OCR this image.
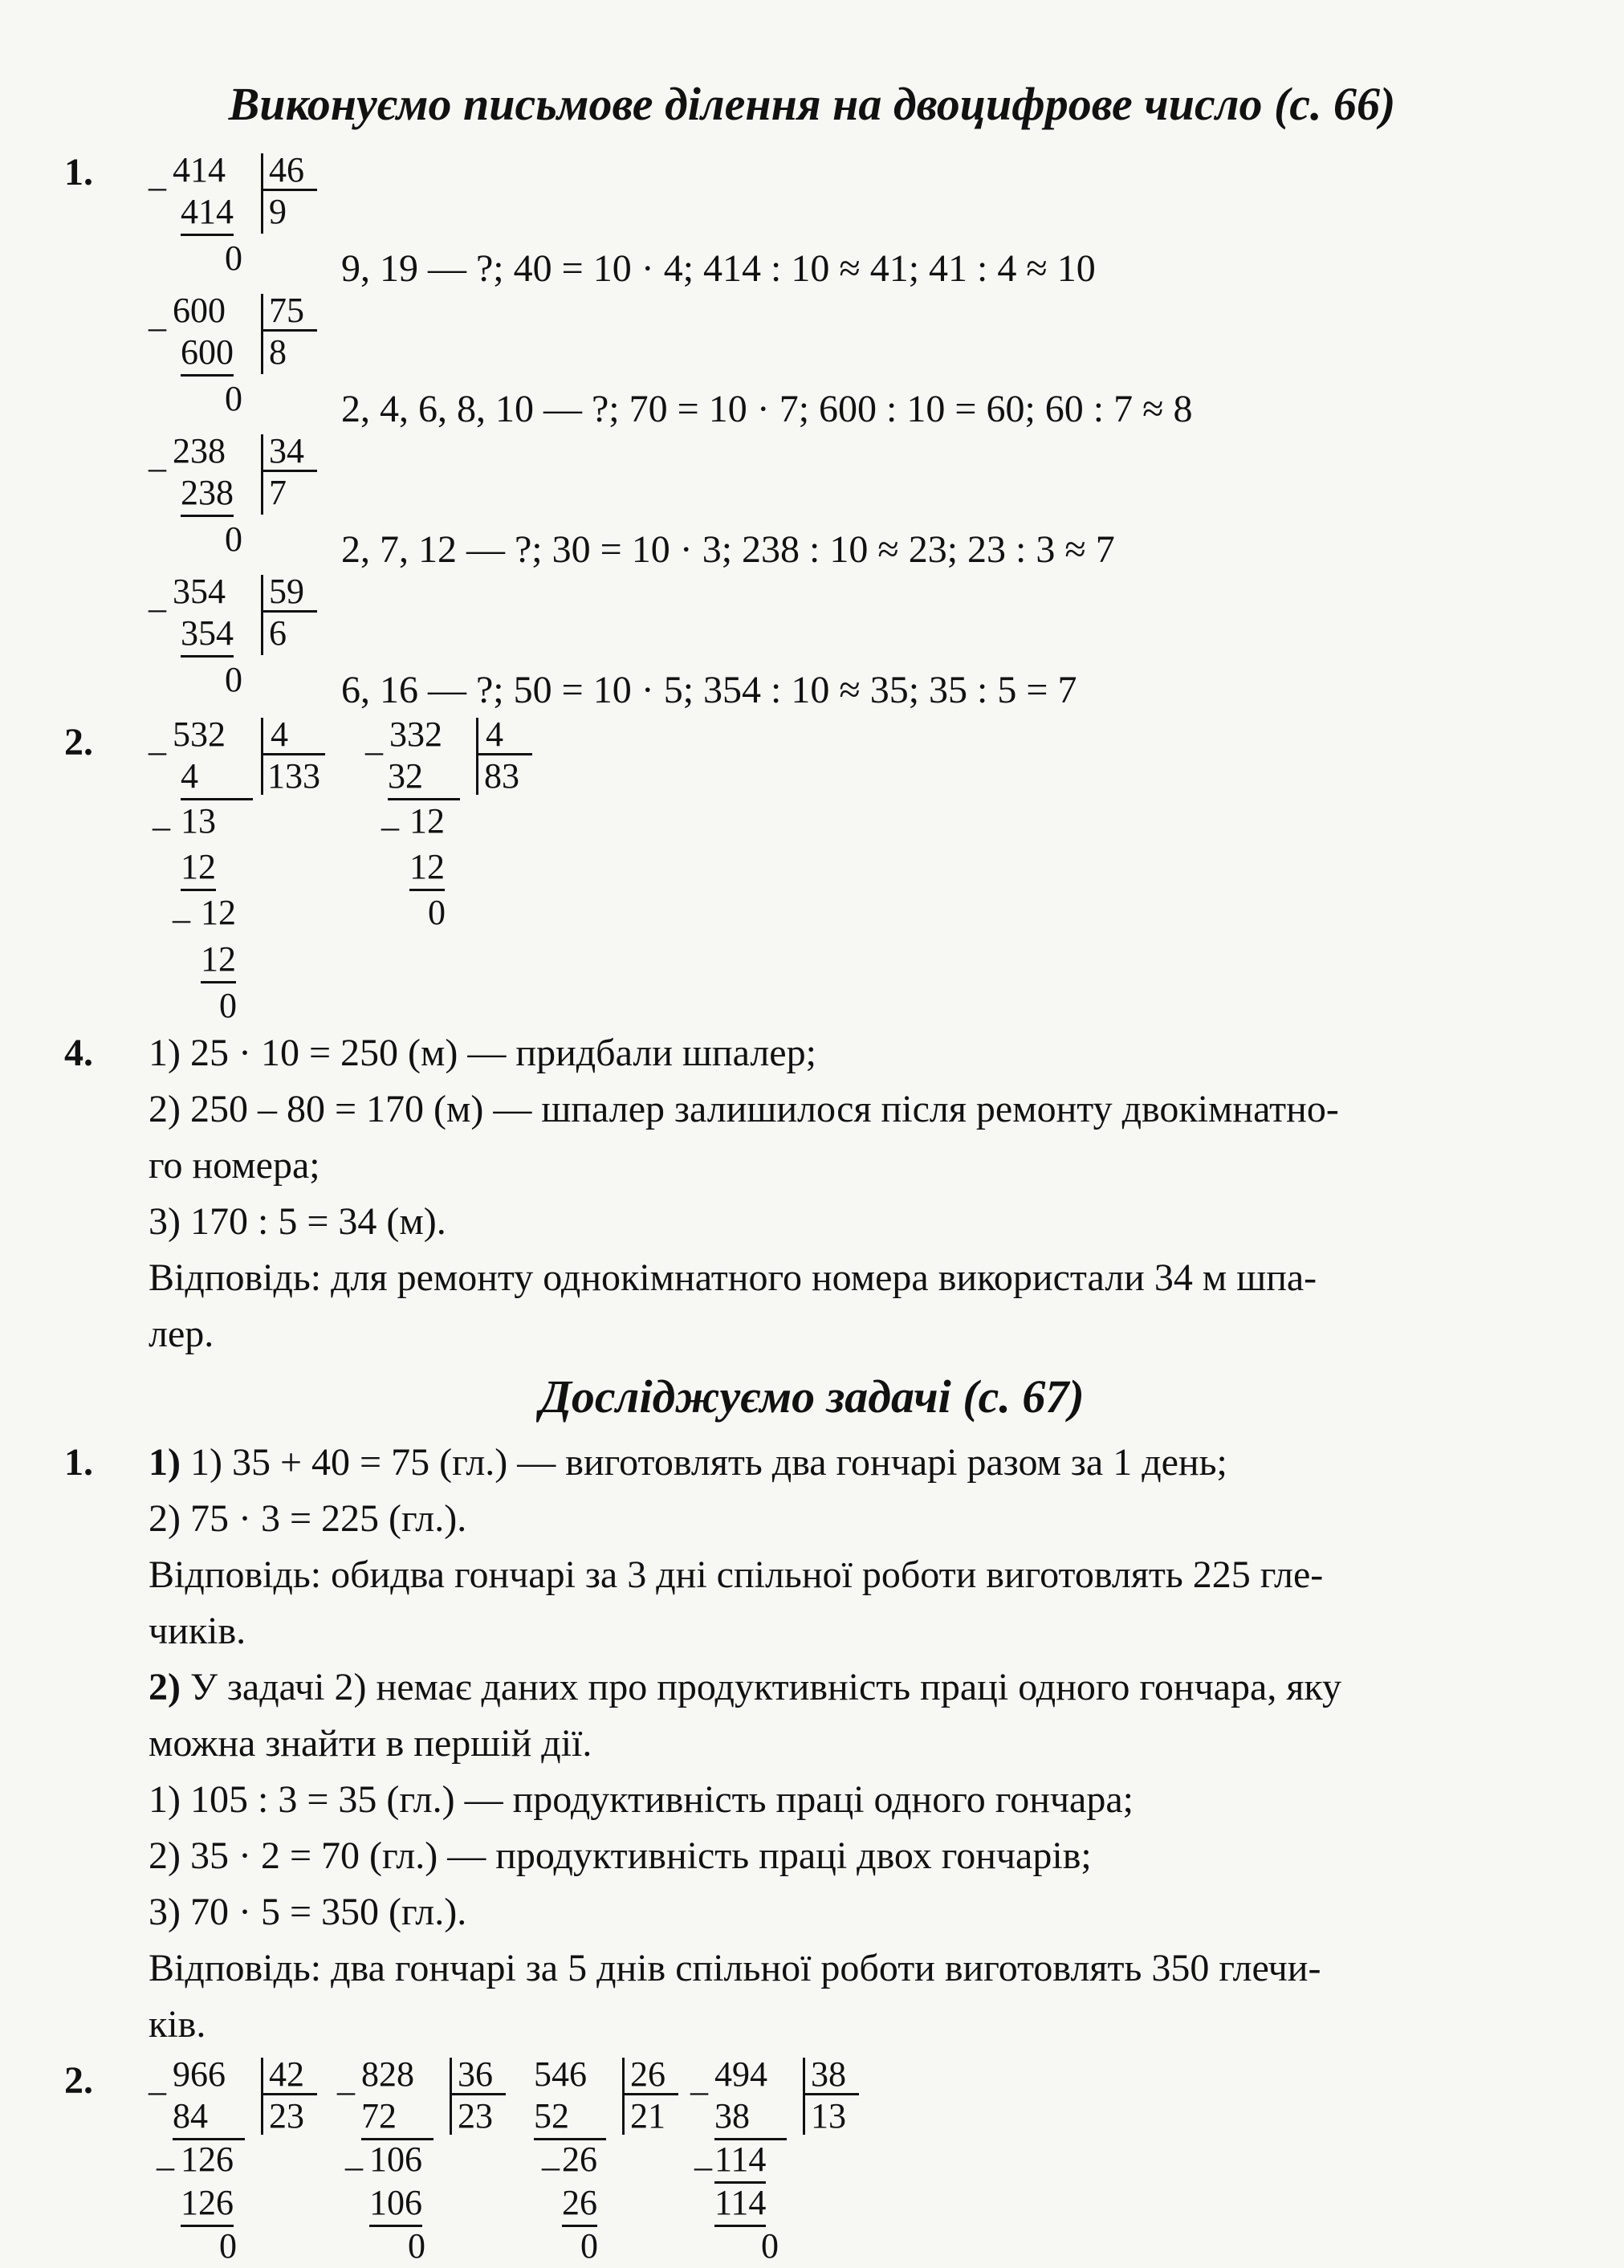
Виконуємо письмове ділення на двоцифрове число (с. 66)
1. _ 414 46
414 9
0	9, 19 — ?; 40 = 10 · 4; 414 : 10 ≈ 41; 41 : 4 ≈ 10
_ 600 75
600 8
0	2, 4, 6, 8, 10 — ?; 70 = 10 · 7; 600 : 10 = 60; 60 : 7 ≈ 8
_ 238 34
238 7
0	2, 7, 12 — ?; 30 = 10 · 3; 238 : 10 ≈ 23; 23 : 3 ≈ 7
_ 354 59
354 6
0	6, 16 — ?; 50 = 10 · 5; 354 : 10 ≈ 35; 35 : 5 = 7
2. _ 532 4
133
4
_ 13
12
_ 12
12
0
_ 332 4
83
32
_ 12
12
0
4. 1) 25 · 10 = 250 (м) — придбали шпалер;
2) 250 – 80 = 170 (м) — шпалер залишилося після ремонту двокімнатно-
го номера;
3) 170 : 5 = 34 (м).
Відповідь: для ремонту однокімнатного номера використали 34 м шпа-
лер.
Досліджуємо задачі (с. 67)
1. 1) 1) 35 + 40 = 75 (гл.) — виготовлять два гончарі разом за 1 день;
2) 75 · 3 = 225 (гл.).
Відповідь: обидва гончарі за 3 дні спільної роботи виготовлять 225 гле-
чиків.
2) У задачі 2) немає даних про продуктивність праці одного гончара, яку
можна знайти в першій дії.
1) 105 : 3 = 35 (гл.) — продуктивність праці одного гончара;
2) 35 · 2 = 70 (гл.) — продуктивність праці двох гончарів;
3) 70 · 5 = 350 (гл.).
Відповідь: два гончарі за 5 днів спільної роботи виготовлять 350 глечи-
ків.
2. _ 966 42
23
84
_ 126
126
0
_ 828 36
23
72
_ 106
106
0
546 26
21
52
_ 26
26
0
_ 494 38
13
38
_ 114
114
0
